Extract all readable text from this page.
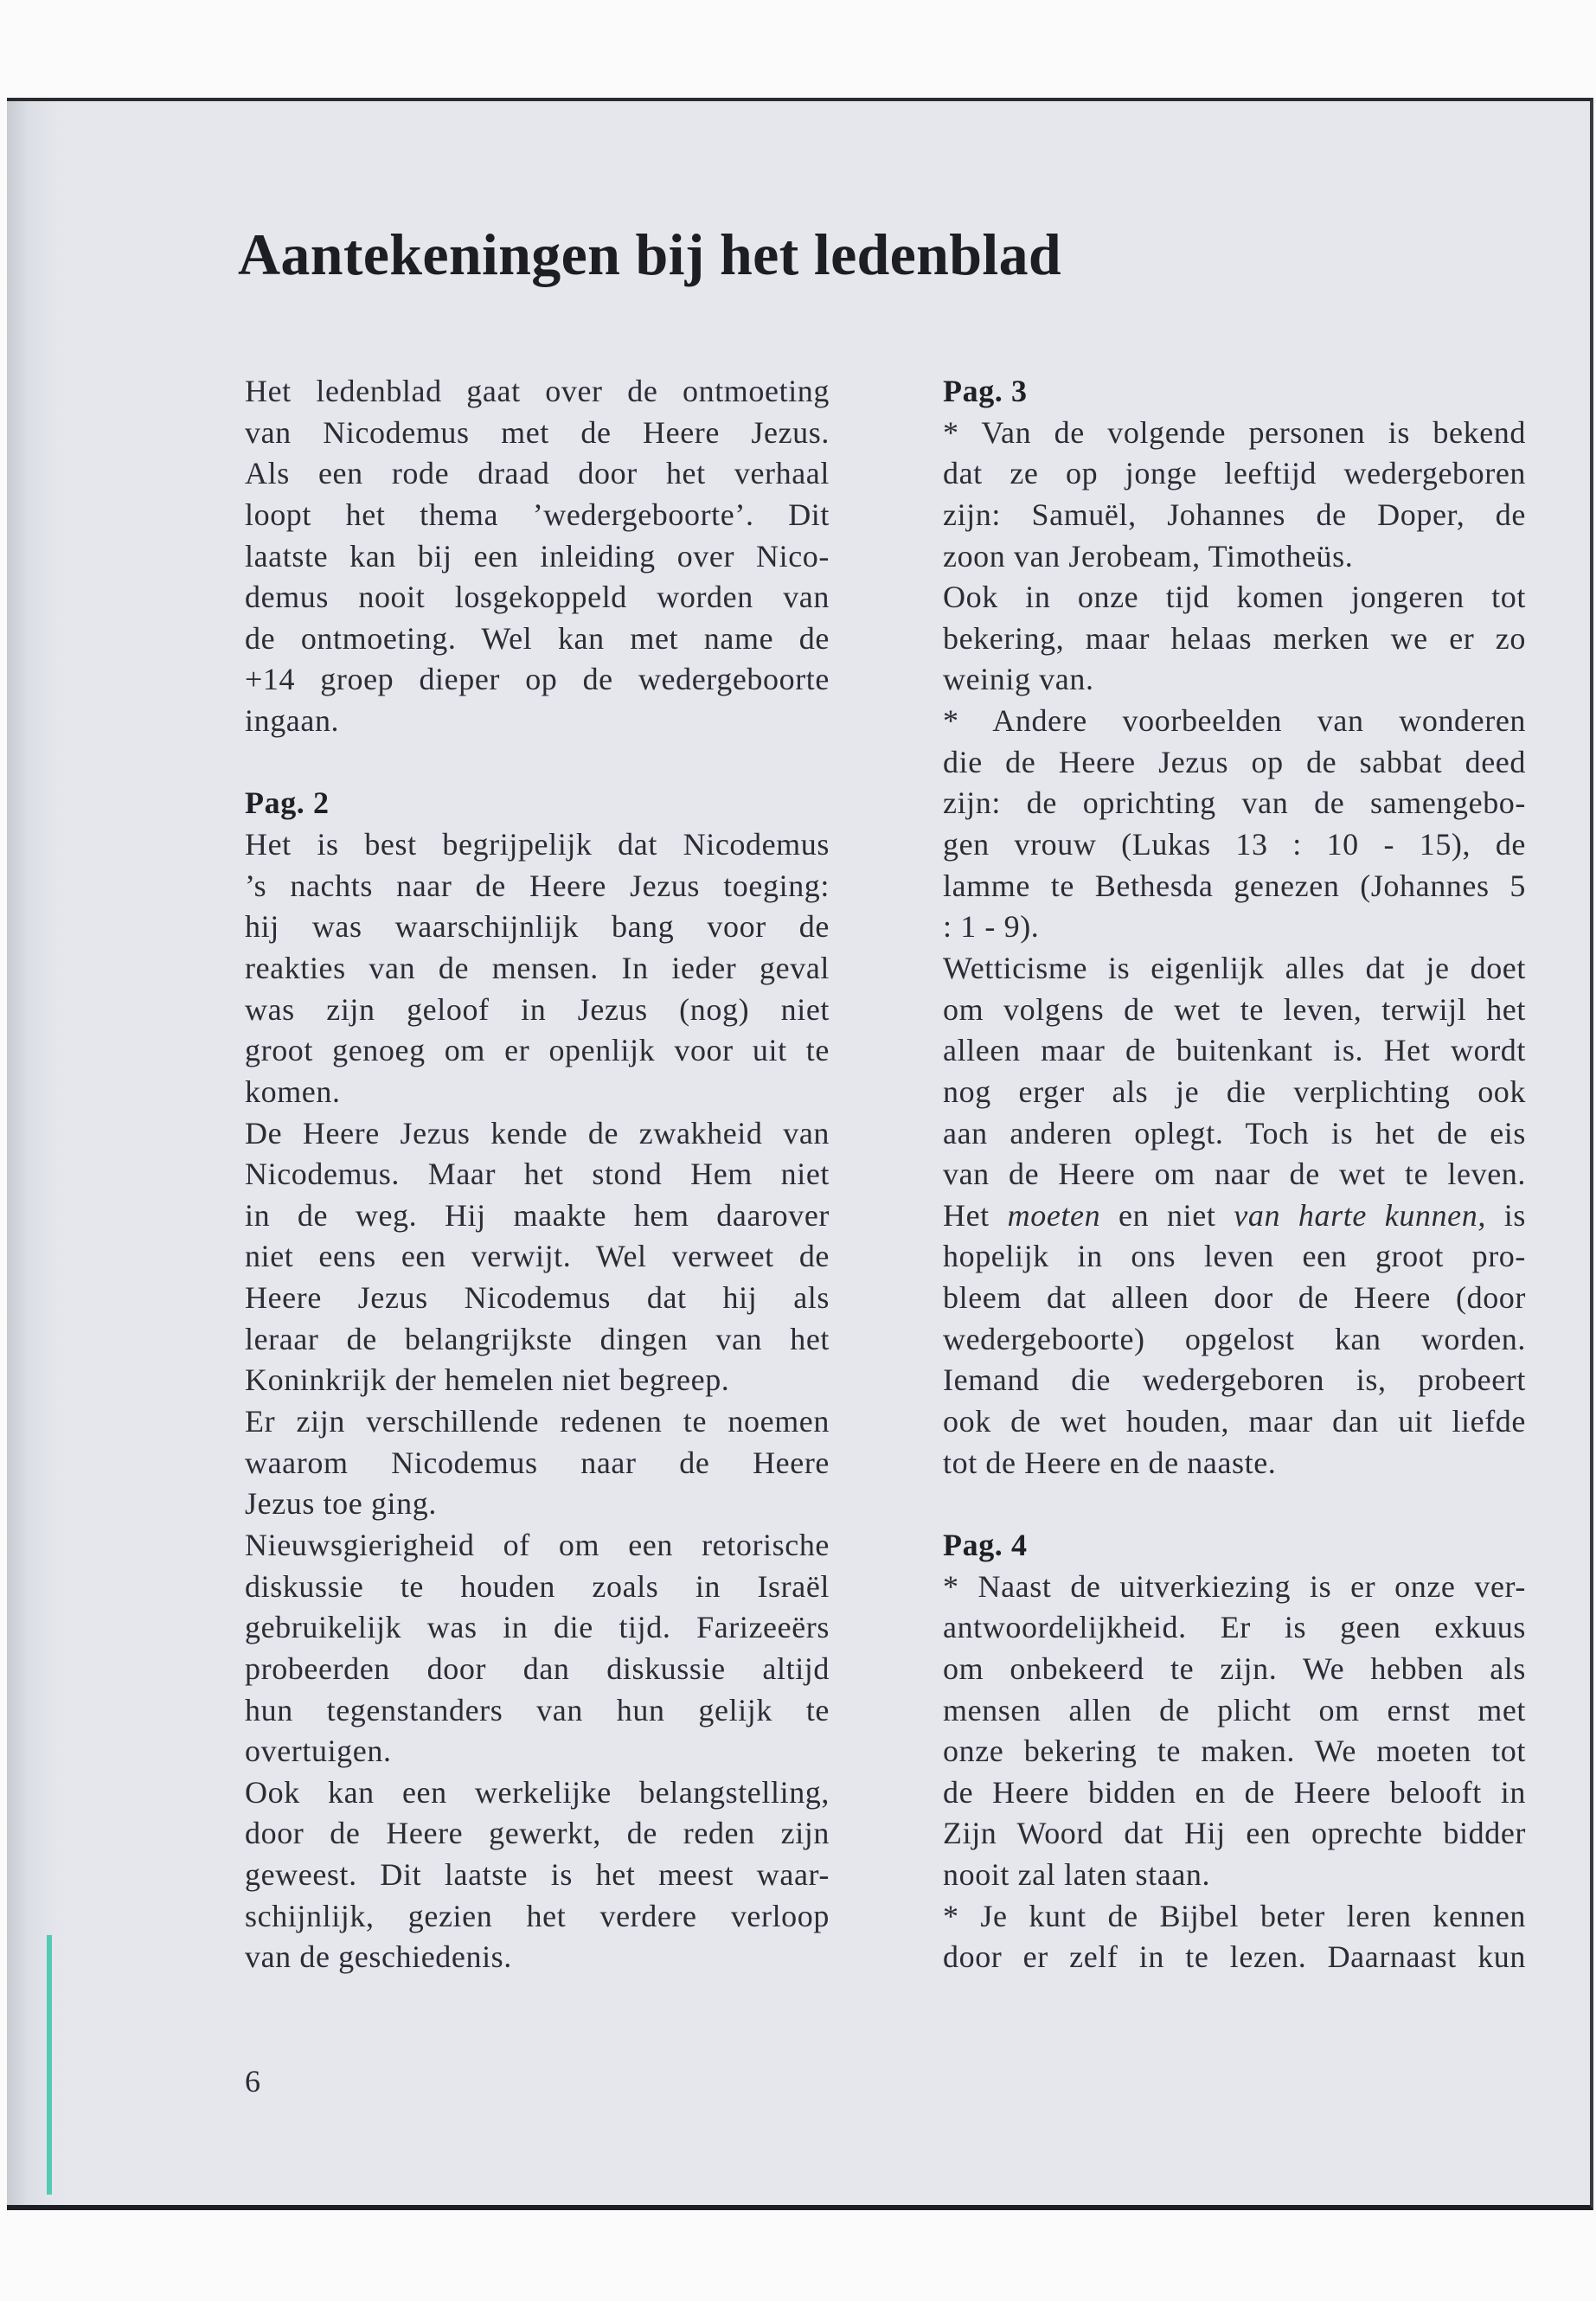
Aantekeningen bij het ledenblad
Het ledenblad gaat over de ontmoeting
van Nicodemus met de Heere Jezus.
Als een rode draad door het verhaal
loopt het thema ’wedergeboorte’. Dit
laatste kan bij een inleiding over Nico-
demus nooit losgekoppeld worden van
de ontmoeting. Wel kan met name de
+14 groep dieper op de wedergeboorte
ingaan.
Pag. 2
Het is best begrijpelijk dat Nicodemus
’s nachts naar de Heere Jezus toeging:
hij was waarschijnlijk bang voor de
reakties van de mensen. In ieder geval
was zijn geloof in Jezus (nog) niet
groot genoeg om er openlijk voor uit te
komen.
De Heere Jezus kende de zwakheid van
Nicodemus. Maar het stond Hem niet
in de weg. Hij maakte hem daarover
niet eens een verwijt. Wel verweet de
Heere Jezus Nicodemus dat hij als
leraar de belangrijkste dingen van het
Koninkrijk der hemelen niet begreep.
Er zijn verschillende redenen te noemen
waarom Nicodemus naar de Heere
Jezus toe ging.
Nieuwsgierigheid of om een retorische
diskussie te houden zoals in Israël
gebruikelijk was in die tijd. Farizeeërs
probeerden door dan diskussie altijd
hun tegenstanders van hun gelijk te
overtuigen.
Ook kan een werkelijke belangstelling,
door de Heere gewerkt, de reden zijn
geweest. Dit laatste is het meest waar-
schijnlijk, gezien het verdere verloop
van de geschiedenis.
Pag. 3
* Van de volgende personen is bekend
dat ze op jonge leeftijd wedergeboren
zijn: Samuël, Johannes de Doper, de
zoon van Jerobeam, Timotheüs.
Ook in onze tijd komen jongeren tot
bekering, maar helaas merken we er zo
weinig van.
* Andere voorbeelden van wonderen
die de Heere Jezus op de sabbat deed
zijn: de oprichting van de samengebo-
gen vrouw (Lukas 13 : 10 - 15), de
lamme te Bethesda genezen (Johannes 5
: 1 - 9).
Wetticisme is eigenlijk alles dat je doet
om volgens de wet te leven, terwijl het
alleen maar de buitenkant is. Het wordt
nog erger als je die verplichting ook
aan anderen oplegt. Toch is het de eis
van de Heere om naar de wet te leven.
Het moeten en niet van harte kunnen, is
hopelijk in ons leven een groot pro-
bleem dat alleen door de Heere (door
wedergeboorte) opgelost kan worden.
Iemand die wedergeboren is, probeert
ook de wet houden, maar dan uit liefde
tot de Heere en de naaste.
Pag. 4
* Naast de uitverkiezing is er onze ver-
antwoordelijkheid. Er is geen exkuus
om onbekeerd te zijn. We hebben als
mensen allen de plicht om ernst met
onze bekering te maken. We moeten tot
de Heere bidden en de Heere belooft in
Zijn Woord dat Hij een oprechte bidder
nooit zal laten staan.
* Je kunt de Bijbel beter leren kennen
door er zelf in te lezen. Daarnaast kun
6
